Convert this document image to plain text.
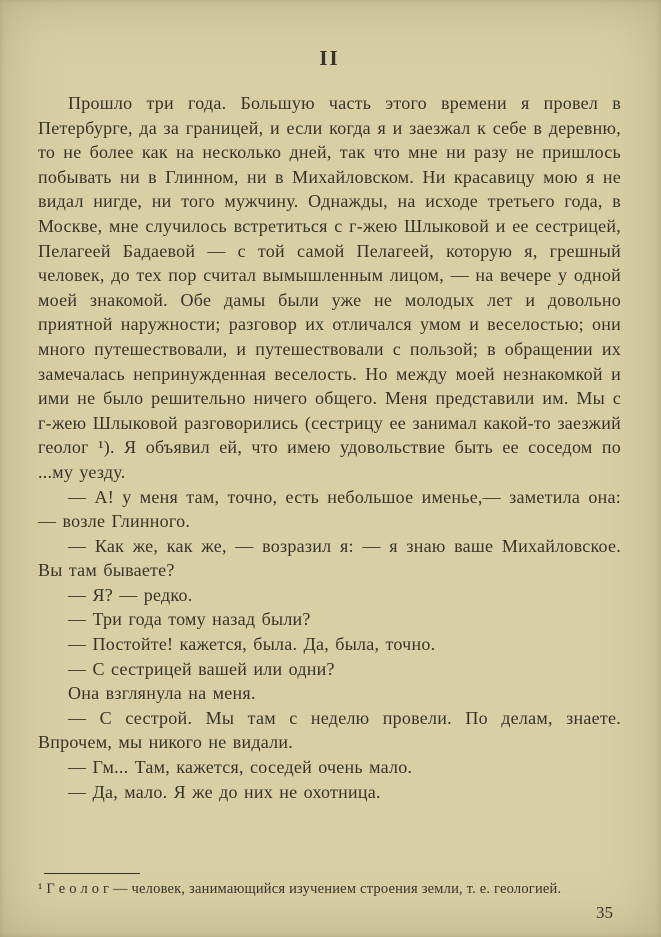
II

Прошло три года. Большую часть этого времени я провел в Петербурге, да за границей, и если когда я и заезжал к себе в деревню, то не более как на несколько дней, так что мне ни разу не пришлось побывать ни в Глинном, ни в Михайловском. Ни красавицу мою я не видал нигде, ни того мужчину. Однажды, на исходе третьего года, в Москве, мне случилось встретиться с г-жею Шлыковой и ее сестрицей, Пелагеей Бадаевой — с той самой Пелагеей, которую я, грешный человек, до тех пор считал вымышленным лицом, — на вечере у одной моей знакомой. Обе дамы были уже не молодых лет и довольно приятной наружности; разговор их отличался умом и веселостью; они много путешествовали, и путешествовали с пользой; в обращении их замечалась непринужденная веселость. Но между моей незнакомкой и ими не было решительно ничего общего. Меня представили им. Мы с г-жею Шлыковой разговорились (сестрицу ее занимал какой-то заезжий геолог ¹). Я объявил ей, что имею удовольствие быть ее соседом по ...му уезду.

— А! у меня там, точно, есть небольшое именье,— заметила она: — возле Глинного.

— Как же, как же, — возразил я: — я знаю ваше Михайловское. Вы там бываете?

— Я? — редко.

— Три года тому назад были?

— Постойте! кажется, была. Да, была, точно.

— С сестрицей вашей или одни?

Она взглянула на меня.

— С сестрой. Мы там с неделю провели. По делам, знаете. Впрочем, мы никого не видали.

— Гм... Там, кажется, соседей очень мало.

— Да, мало. Я же до них не охотница.

¹ Г е о л о г — человек, занимающийся изучением строения земли, т. е. геологией.
35
